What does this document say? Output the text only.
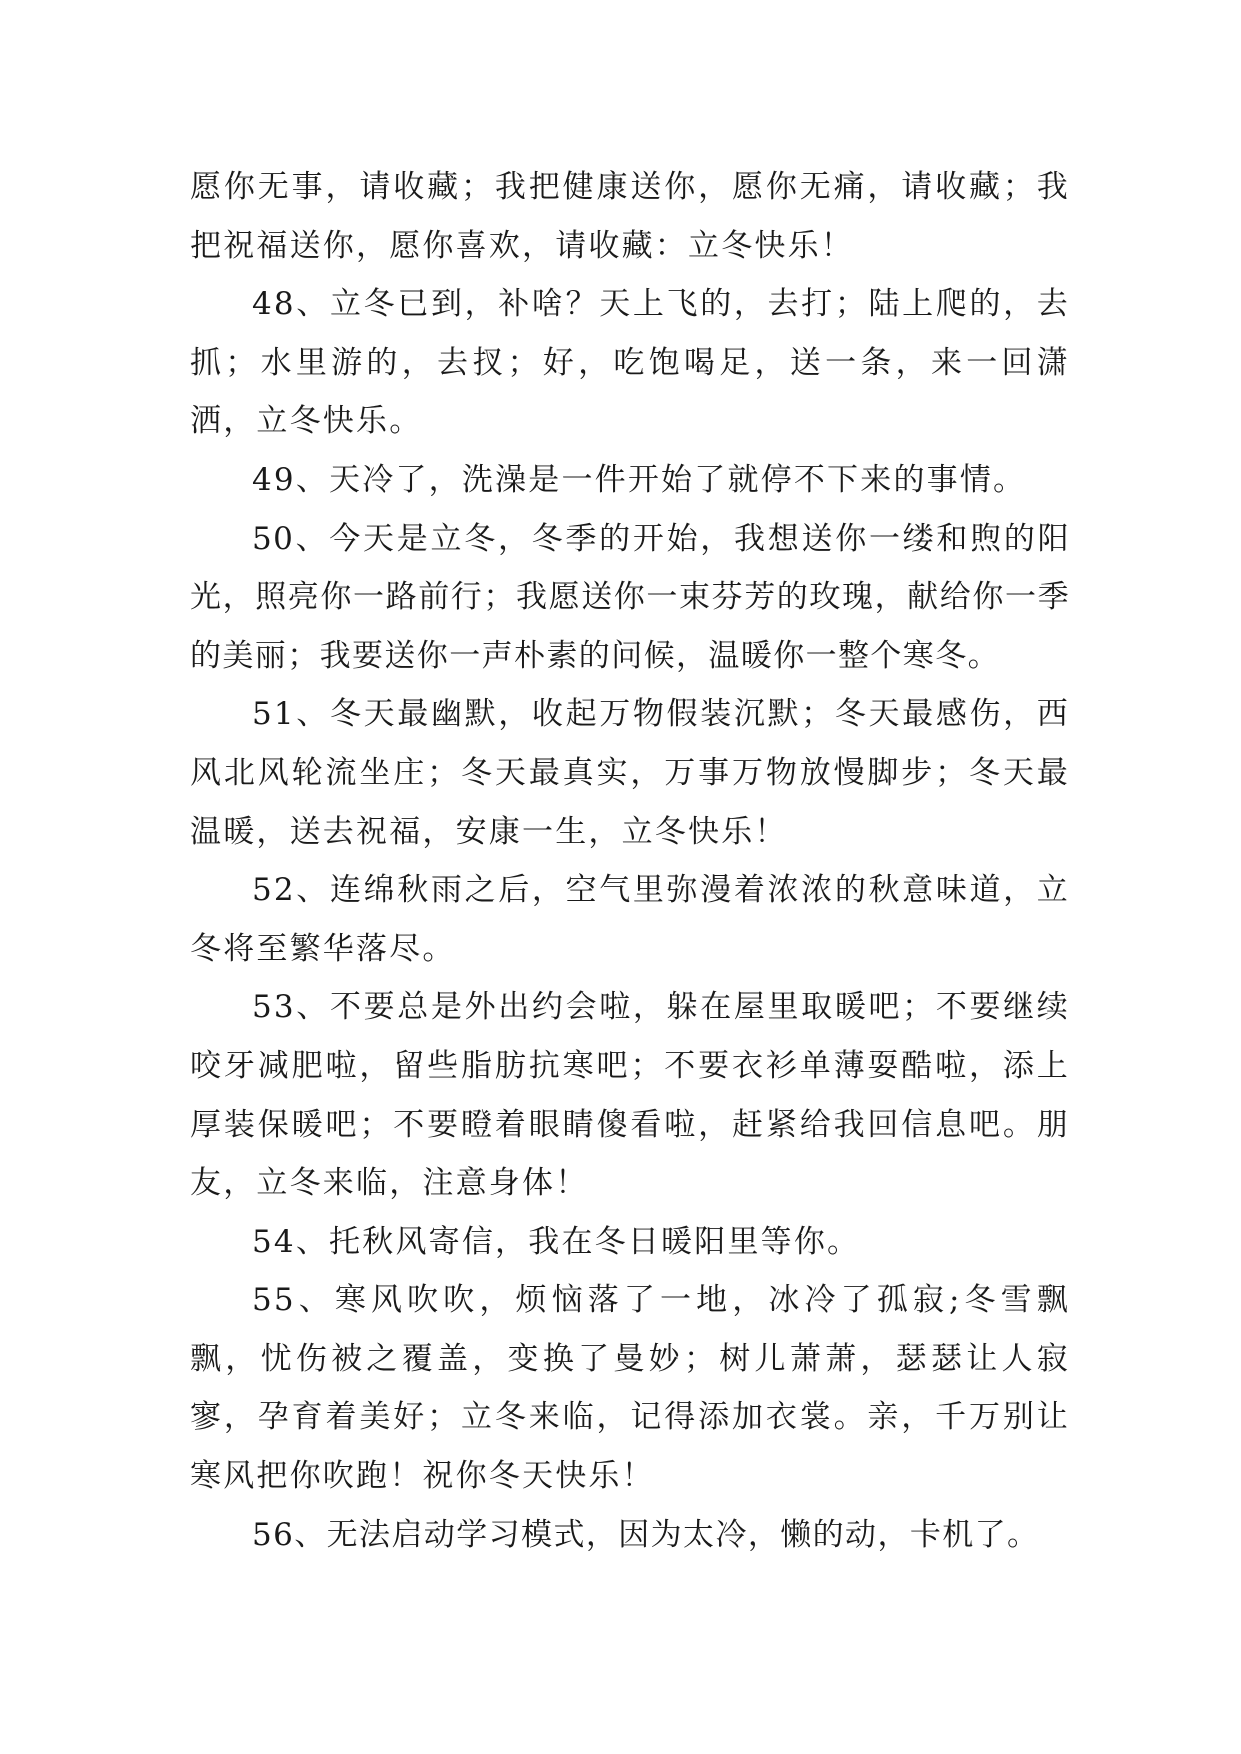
愿你无事，请收藏；我把健康送你，愿你无痛，请收藏；我把祝福送你，愿你喜欢，请收藏：立冬快乐！

48、立冬已到，补啥？天上飞的，去打；陆上爬的，去抓；水里游的，去扠；好，吃饱喝足，送一条，来一回潇洒，立冬快乐。

49、天冷了，洗澡是一件开始了就停不下来的事情。

50、今天是立冬，冬季的开始，我想送你一缕和煦的阳光，照亮你一路前行；我愿送你一束芬芳的玫瑰，献给你一季的美丽；我要送你一声朴素的问候，温暖你一整个寒冬。

51、冬天最幽默，收起万物假装沉默；冬天最感伤，西风北风轮流坐庄；冬天最真实，万事万物放慢脚步；冬天最温暖，送去祝福，安康一生，立冬快乐！

52、连绵秋雨之后，空气里弥漫着浓浓的秋意味道，立冬将至繁华落尽。

53、不要总是外出约会啦，躲在屋里取暖吧；不要继续咬牙减肥啦，留些脂肪抗寒吧；不要衣衫单薄耍酷啦，添上厚装保暖吧；不要瞪着眼睛傻看啦，赶紧给我回信息吧。朋友，立冬来临，注意身体！

54、托秋风寄信，我在冬日暖阳里等你。

55、寒风吹吹，烦恼落了一地，冰冷了孤寂;冬雪飘飘，忧伤被之覆盖，变换了曼妙；树儿萧萧，瑟瑟让人寂寥，孕育着美好；立冬来临，记得添加衣裳。亲，千万别让寒风把你吹跑！祝你冬天快乐！

56、无法启动学习模式，因为太冷，懒的动，卡机了。
